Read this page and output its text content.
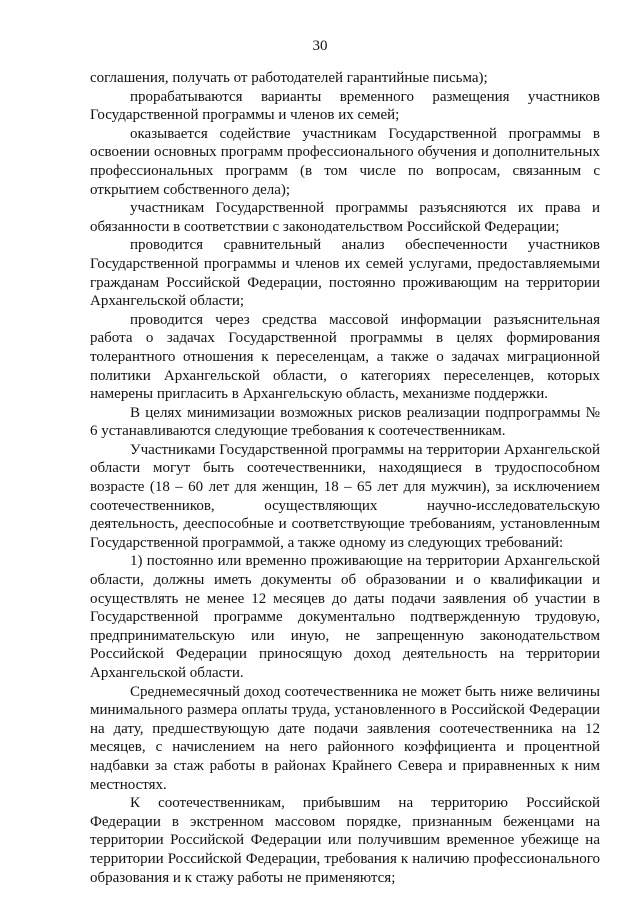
30

соглашения, получать от работодателей гарантийные письма);

прорабатываются варианты временного размещения участников Государственной программы и членов их семей;

оказывается содействие участникам Государственной программы в освоении основных программ профессионального обучения и дополнительных профессиональных программ (в том числе по вопросам, связанным с открытием собственного дела);

участникам Государственной программы разъясняются их права и обязанности в соответствии с законодательством Российской Федерации;

проводится сравнительный анализ обеспеченности участников Государственной программы и членов их семей услугами, предоставляемыми гражданам Российской Федерации, постоянно проживающим на территории Архангельской области;

проводится через средства массовой информации разъяснительная работа о задачах Государственной программы в целях формирования толерантного отношения к переселенцам, а также о задачах миграционной политики Архангельской области, о категориях переселенцев, которых намерены пригласить в Архангельскую область, механизме поддержки.

В целях минимизации возможных рисков реализации подпрограммы № 6 устанавливаются следующие требования к соотечественникам.

Участниками Государственной программы на территории Архангельской области могут быть соотечественники, находящиеся в трудоспособном возрасте (18 – 60 лет для женщин, 18 – 65 лет для мужчин), за исключением соотечественников, осуществляющих научно-исследовательскую деятельность, дееспособные и соответствующие требованиям, установленным Государственной программой, а также одному из следующих требований:

1) постоянно или временно проживающие на территории Архангельской области, должны иметь документы об образовании и о квалификации и осуществлять не менее 12 месяцев до даты подачи заявления об участии в Государственной программе документально подтвержденную трудовую, предпринимательскую или иную, не запрещенную законодательством Российской Федерации приносящую доход деятельность на территории Архангельской области.

Среднемесячный доход соотечественника не может быть ниже величины минимального размера оплаты труда, установленного в Российской Федерации на дату, предшествующую дате подачи заявления соотечественника на 12 месяцев, с начислением на него районного коэффициента и процентной надбавки за стаж работы в районах Крайнего Севера и приравненных к ним местностях.

К соотечественникам, прибывшим на территорию Российской Федерации в экстренном массовом порядке, признанным беженцами на территории Российской Федерации или получившим временное убежище на территории Российской Федерации, требования к наличию профессионального образования и к стажу работы не применяются;
